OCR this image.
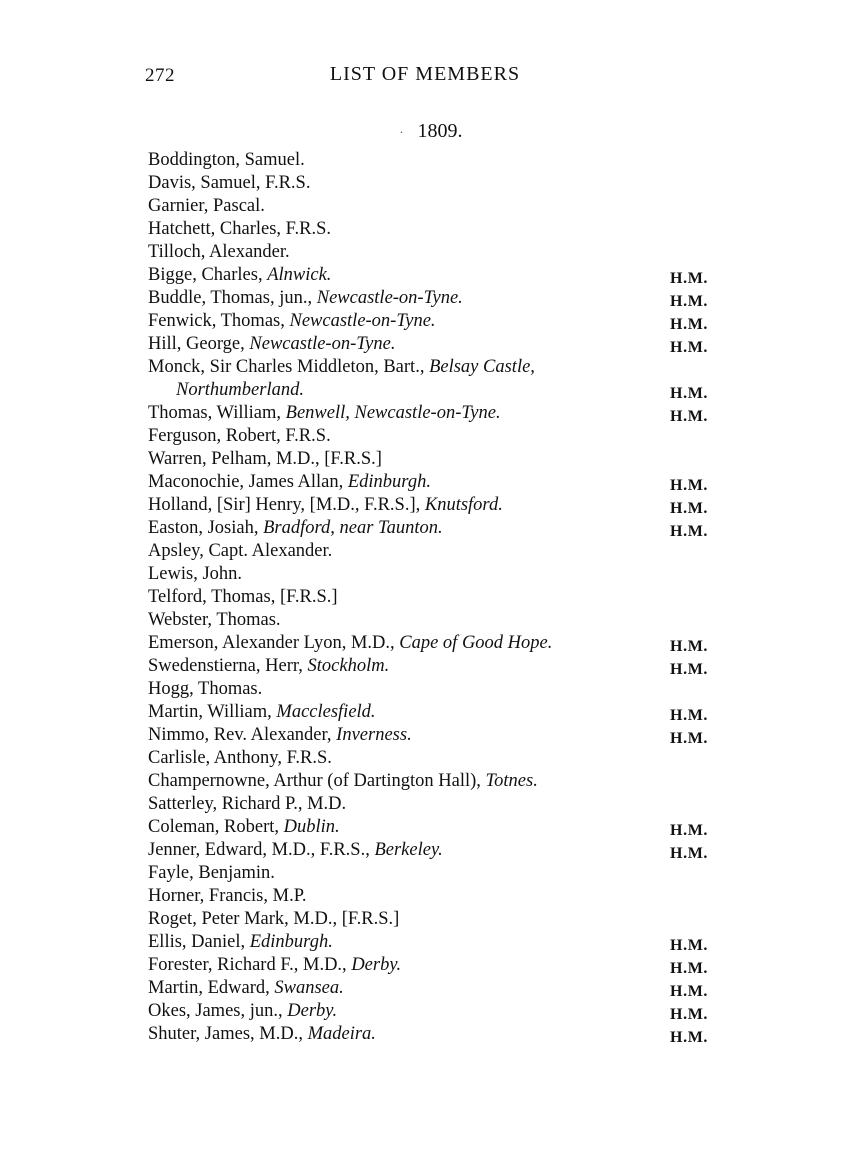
272	LIST OF MEMBERS
· 1809.
Boddington, Samuel.
Davis, Samuel, F.R.S.
Garnier, Pascal.
Hatchett, Charles, F.R.S.
Tilloch, Alexander.
Bigge, Charles, Alnwick.	H.M.
Buddle, Thomas, jun., Newcastle-on-Tyne.	H.M.
Fenwick, Thomas, Newcastle-on-Tyne.	H.M.
Hill, George, Newcastle-on-Tyne.	H.M.
Monck, Sir Charles Middleton, Bart., Belsay Castle,
Northumberland.	H.M.
Thomas, William, Benwell, Newcastle-on-Tyne.	H.M.
Ferguson, Robert, F.R.S.
Warren, Pelham, M.D., [F.R.S.]
Maconochie, James Allan, Edinburgh.	H.M.
Holland, [Sir] Henry, [M.D., F.R.S.], Knutsford.	H.M.
Easton, Josiah, Bradford, near Taunton.	H.M.
Apsley, Capt. Alexander.
Lewis, John.
Telford, Thomas, [F.R.S.]
Webster, Thomas.
Emerson, Alexander Lyon, M.D., Cape of Good Hope.	H.M.
Swedenstierna, Herr, Stockholm.	H.M.
Hogg, Thomas.
Martin, William, Macclesfield.	H.M.
Nimmo, Rev. Alexander, Inverness.	H.M.
Carlisle, Anthony, F.R.S.
Champernowne, Arthur (of Dartington Hall), Totnes.
Satterley, Richard P., M.D.
Coleman, Robert, Dublin.	H.M.
Jenner, Edward, M.D., F.R.S., Berkeley.	H.M.
Fayle, Benjamin.
Horner, Francis, M.P.
Roget, Peter Mark, M.D., [F.R.S.]
Ellis, Daniel, Edinburgh.	H.M.
Forester, Richard F., M.D., Derby.	H.M.
Martin, Edward, Swansea.	H.M.
Okes, James, jun., Derby.	H.M.
Shuter, James, M.D., Madeira.	H.M.
